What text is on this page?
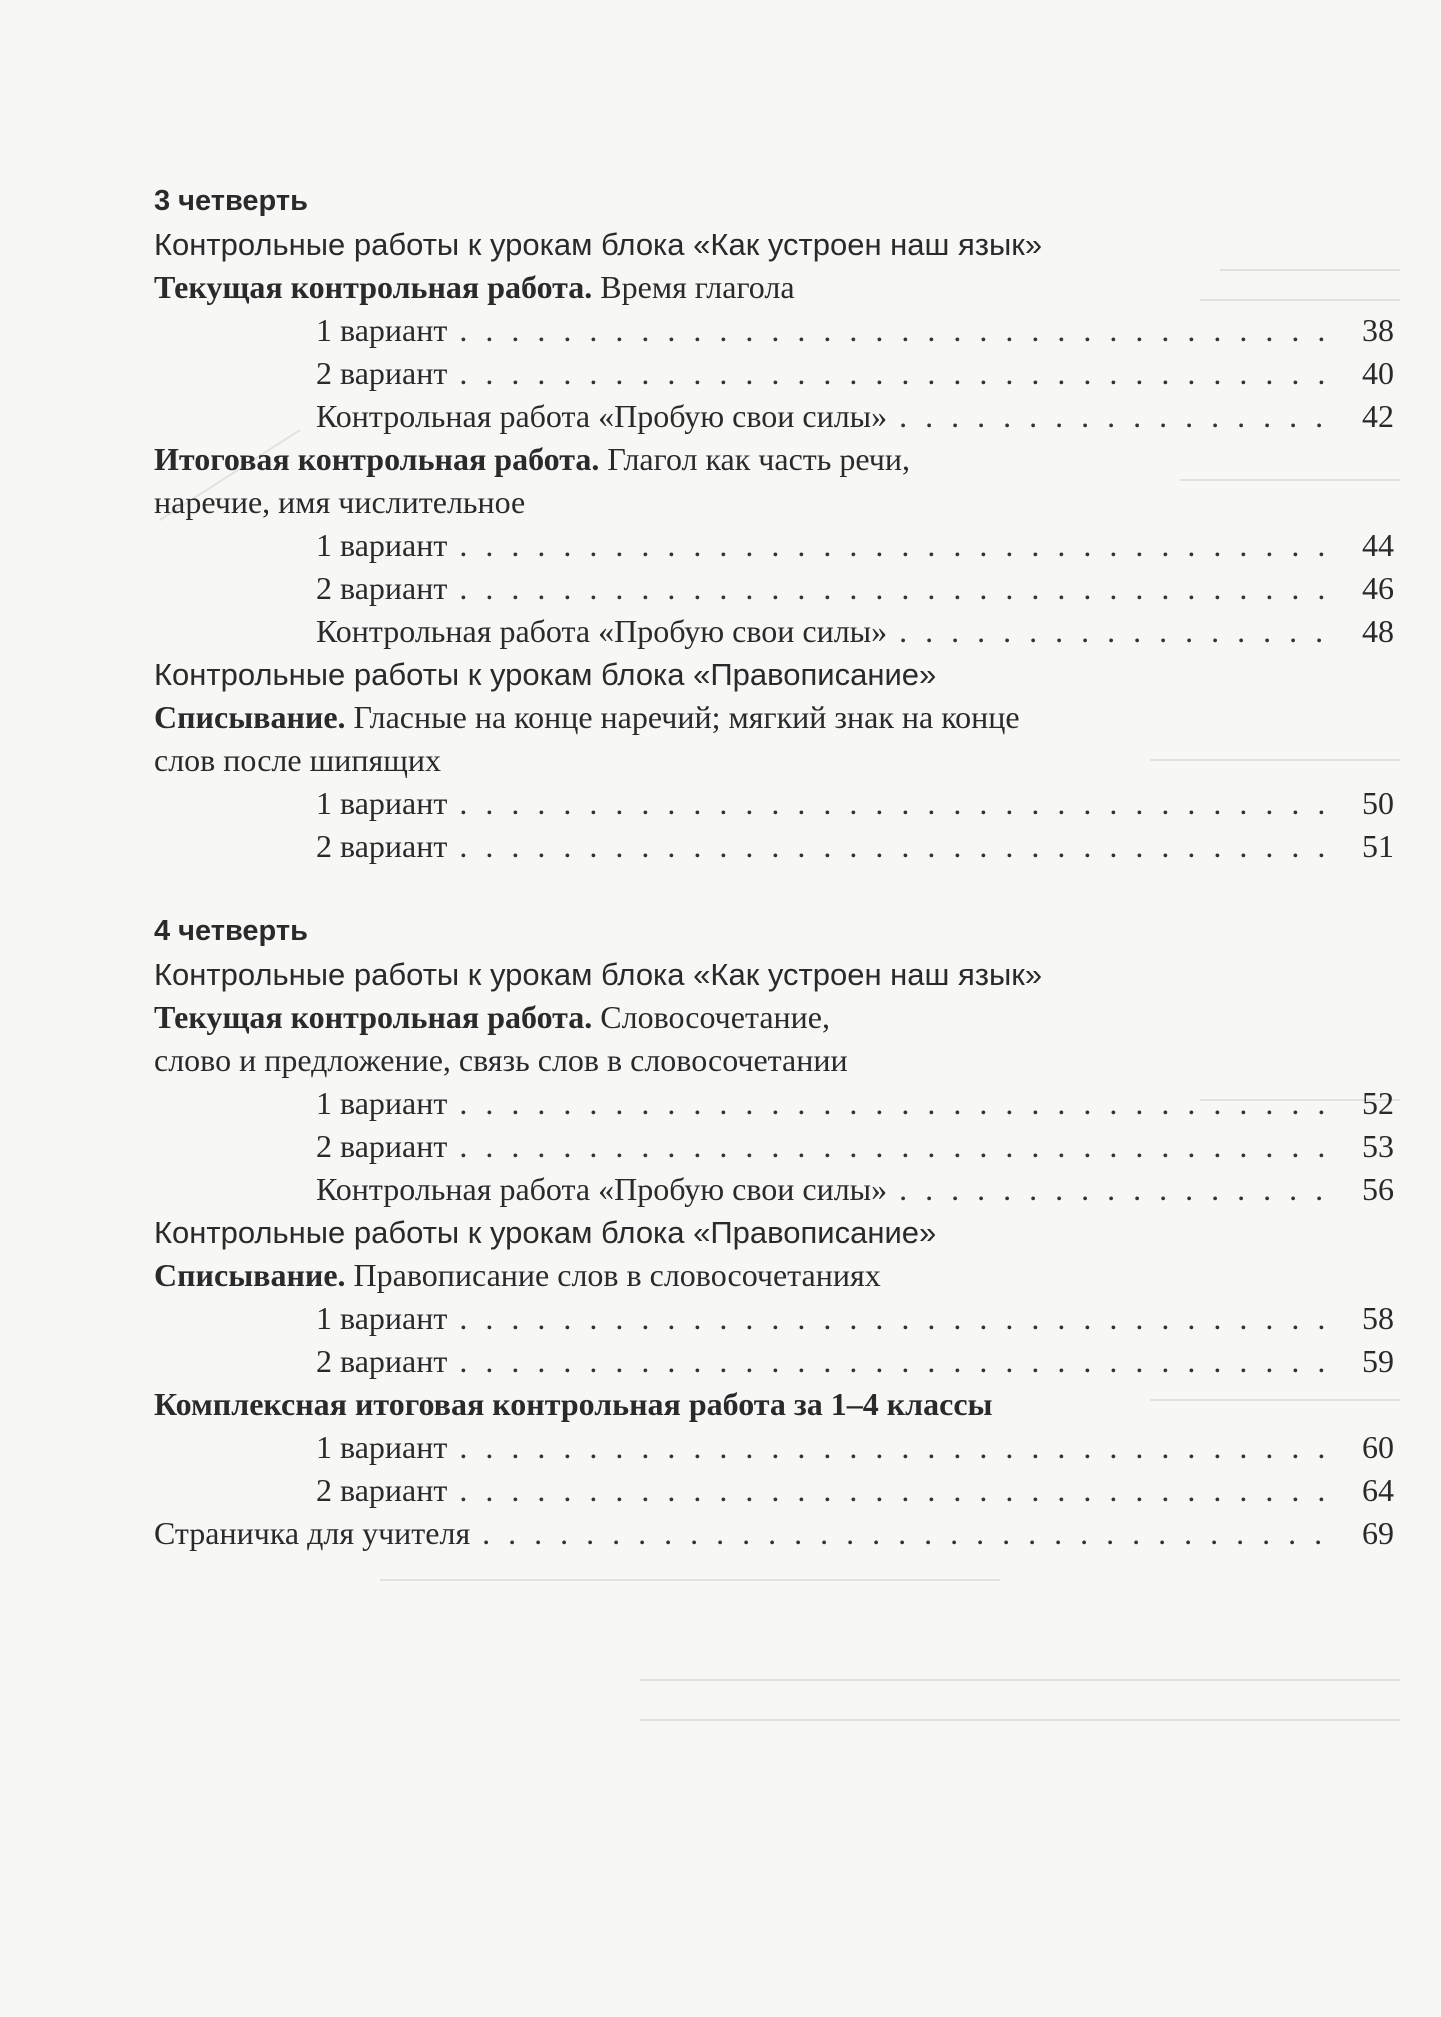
3 четверть
Контрольные работы к урокам блока «Как устроен наш язык»
Текущая контрольная работа. Время глагола
1 вариант . . .	38
2 вариант . . .	40
Контрольная работа «Пробую свои силы» . . .	42
Итоговая контрольная работа. Глагол как часть речи,
наречие, имя числительное
1 вариант . . .	44
2 вариант . . .	46
Контрольная работа «Пробую свои силы» . . .	48
Контрольные работы к урокам блока «Правописание»
Списывание. Гласные на конце наречий; мягкий знак на конце
слов после шипящих
1 вариант . . .	50
2 вариант . . .	51
4 четверть
Контрольные работы к урокам блока «Как устроен наш язык»
Текущая контрольная работа. Словосочетание,
слово и предложение, связь слов в словосочетании
1 вариант . . .	52
2 вариант . . .	53
Контрольная работа «Пробую свои силы» . . .	56
Контрольные работы к урокам блока «Правописание»
Списывание. Правописание слов в словосочетаниях
1 вариант . . .	58
2 вариант . . .	59
Комплексная итоговая контрольная работа за 1–4 классы
1 вариант . . .	60
2 вариант . . .	64
Страничка для учителя . . .	69
